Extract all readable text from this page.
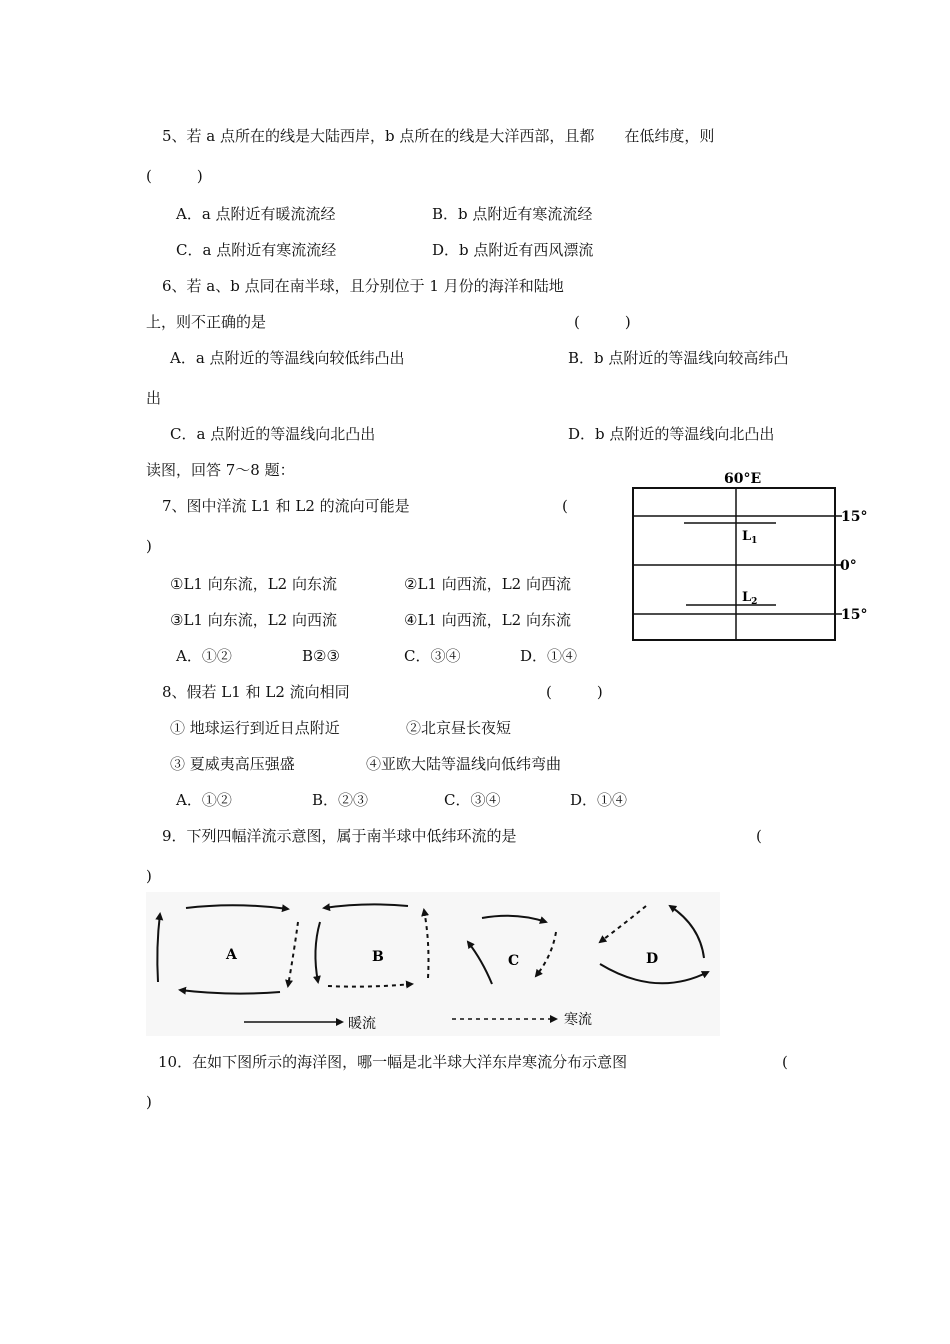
5、若 a 点所在的线是大陆西岸，b 点所在的线是大洋西部，且都　　在低纬度，则
(　　　)
A．a 点附近有暖流流经	B．b 点附近有寒流流经
C．a 点附近有寒流流经	D．b 点附近有西风漂流
6、若 a、b 点同在南半球，且分别位于 1 月份的海洋和陆地
上，则不正确的是	(　　　)
A．a 点附近的等温线向较低纬凸出	B．b 点附近的等温线向较高纬凸
出
C．a 点附近的等温线向北凸出	D．b 点附近的等温线向北凸出
读图，回答 7～8 题：
7、图中洋流 L1 和 L2 的流向可能是	(
)
①L1 向东流，L2 向东流	②L1 向西流，L2 向西流
③L1 向东流，L2 向西流	④L1 向西流，L2 向东流
A．①②	B②③	C．③④	D．①④
8、假若 L1 和 L2 流向相同	(　　　)
① 地球运行到近日点附近	②北京昼长夜短
③ 夏威夷高压强盛	④亚欧大陆等温线向低纬弯曲
A．①②	B．②③	C．③④	D．①④
9．下列四幅洋流示意图，属于南半球中低纬环流的是	(
)
10．在如下图所示的海洋图，哪一幅是北半球大洋东岸寒流分布示意图	(
)
60°E
15°
0°
15°
$L_1$
$L_2$
A	B	C	D
暖流	寒流
